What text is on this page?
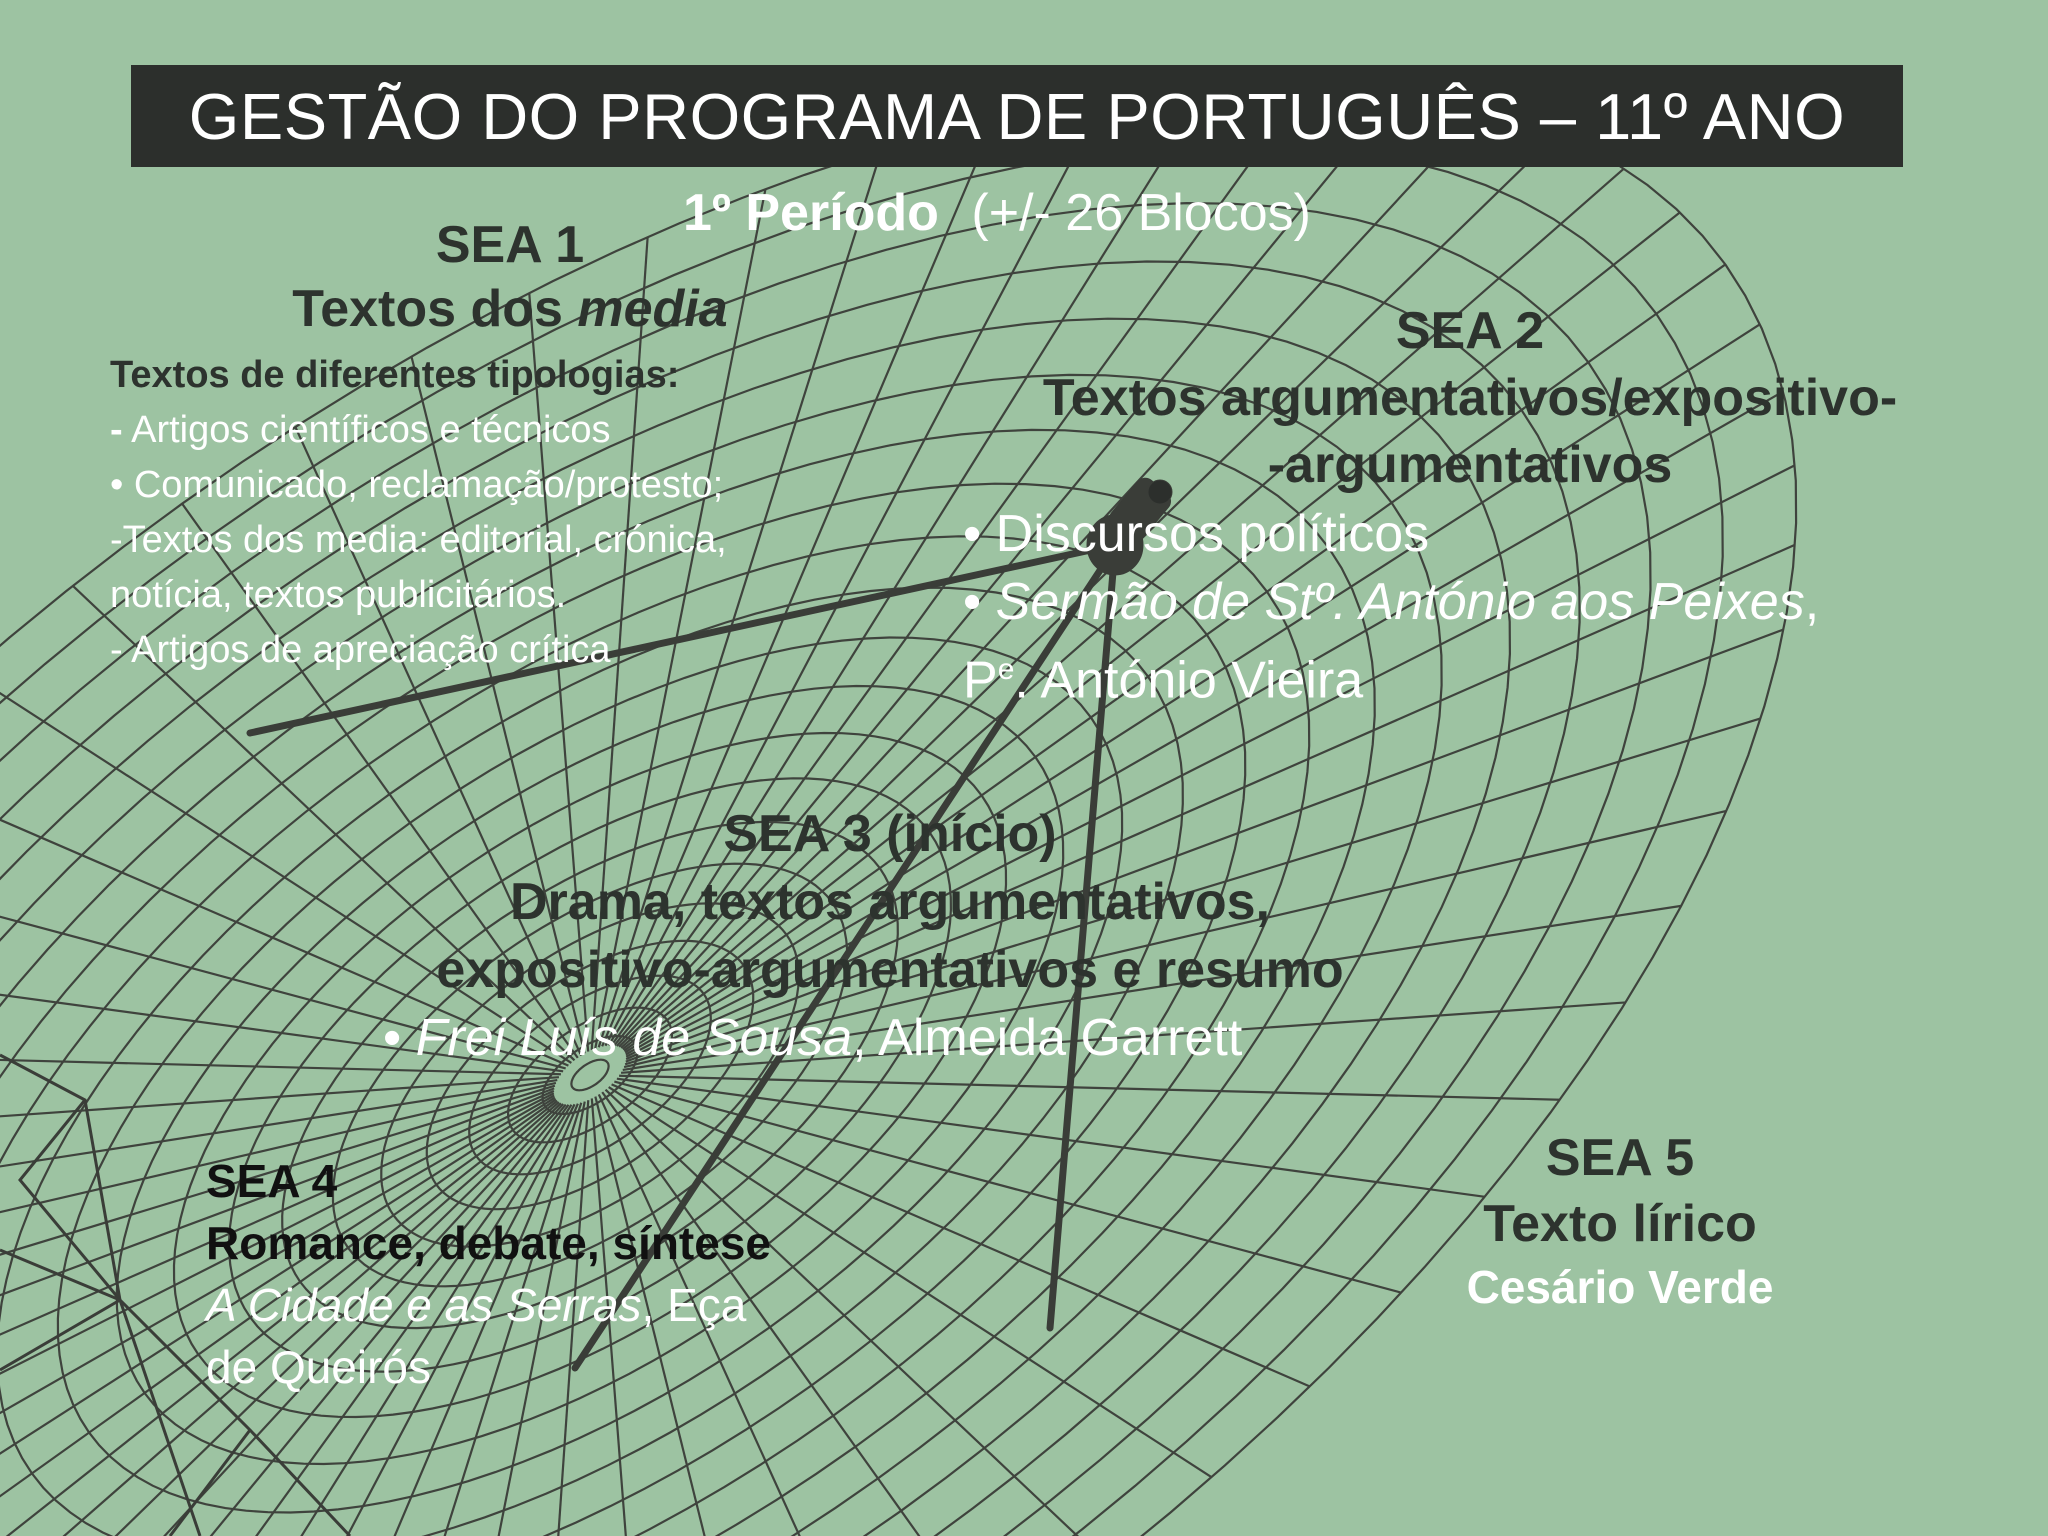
GESTÃO DO PROGRAMA DE PORTUGUÊS – 11º ANO
1º Período (+/- 26 Blocos)
SEA 1
Textos dos media
Textos de diferentes tipologias:
- Artigos científicos e técnicos
• Comunicado, reclamação/protesto;
-Textos dos media: editorial, crónica,
notícia, textos publicitários.
- Artigos de apreciação crítica
SEA 2
Textos argumentativos/expositivo-
-argumentativos
• Discursos políticos
• Sermão de Stº. António aos Peixes,
$P^e$. António Vieira
SEA 3 (início)
Drama, textos argumentativos,
expositivo-argumentativos e resumo
• Frei Luís de Sousa, Almeida Garrett
SEA 4
Romance, debate, síntese
A Cidade e as Serras, Eça
de Queirós
SEA 5
Texto lírico
Cesário Verde
